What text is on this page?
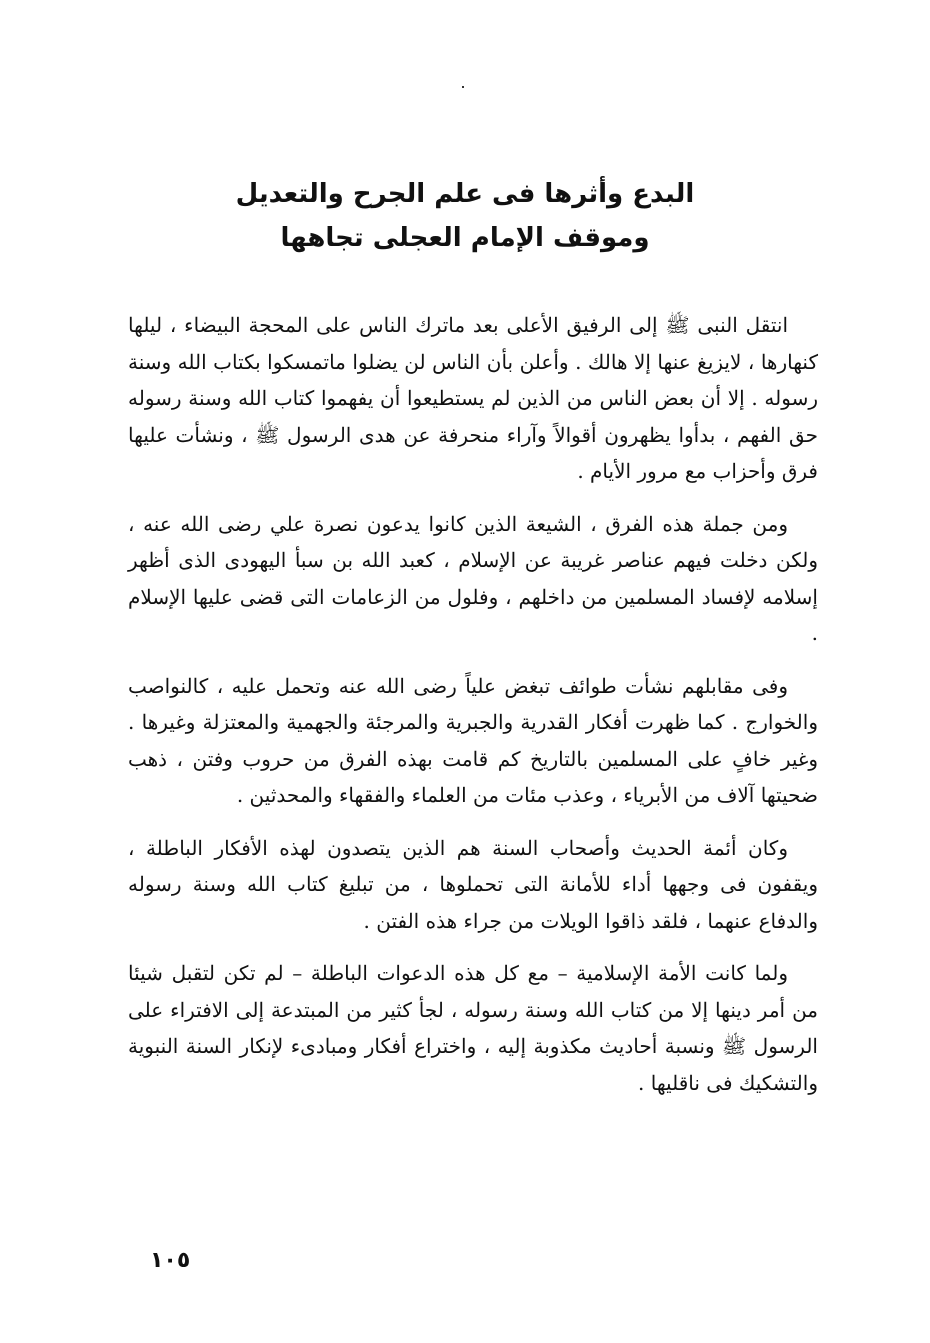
البدع وأثرها فى علم الجرح والتعديل

وموقف الإمام العجلى تجاهها

انتقل النبى ﷺ إلى الرفيق الأعلى بعد ماترك الناس على المحجة البيضاء ، ليلها كنهارها ، لايزيغ عنها إلا هالك . وأعلن بأن الناس لن يضلوا ماتمسكوا بكتاب الله وسنة رسوله . إلا أن بعض الناس من الذين لم يستطيعوا أن يفهموا كتاب الله وسنة رسوله حق الفهم ، بدأوا يظهرون أقوالاً وآراء منحرفة عن هدى الرسول ﷺ ، ونشأت عليها فرق وأحزاب مع مرور الأيام .

ومن جملة هذه الفرق ، الشيعة الذين كانوا يدعون نصرة علي رضى الله عنه ، ولكن دخلت فيهم عناصر غريبة عن الإسلام ، كعبد الله بن سبأ اليهودى الذى أظهر إسلامه لإفساد المسلمين من داخلهم ، وفلول من الزعامات التى قضى عليها الإسلام .

وفى مقابلهم نشأت طوائف تبغض علياً رضى الله عنه وتحمل عليه ، كالنواصب والخوارج . كما ظهرت أفكار القدرية والجبرية والمرجئة والجهمية والمعتزلة وغيرها . وغير خافٍ على المسلمين بالتاريخ كم قامت بهذه الفرق من حروب وفتن ، ذهب ضحيتها آلاف من الأبرياء ، وعذب مئات من العلماء والفقهاء والمحدثين .

وكان أئمة الحديث وأصحاب السنة هم الذين يتصدون لهذه الأفكار الباطلة ، ويقفون فى وجهها أداء للأمانة التى تحملوها ، من تبليغ كتاب الله وسنة رسوله والدفاع عنهما ، فلقد ذاقوا الويلات من جراء هذه الفتن .

ولما كانت الأمة الإسلامية – مع كل هذه الدعوات الباطلة – لم تكن لتقبل شيئا من أمر دينها إلا من كتاب الله وسنة رسوله ، لجأ كثير من المبتدعة إلى الافتراء على الرسول ﷺ ونسبة أحاديث مكذوبة إليه ، واختراع أفكار ومبادىء لإنكار السنة النبوية والتشكيك فى ناقليها .

١٠٥
